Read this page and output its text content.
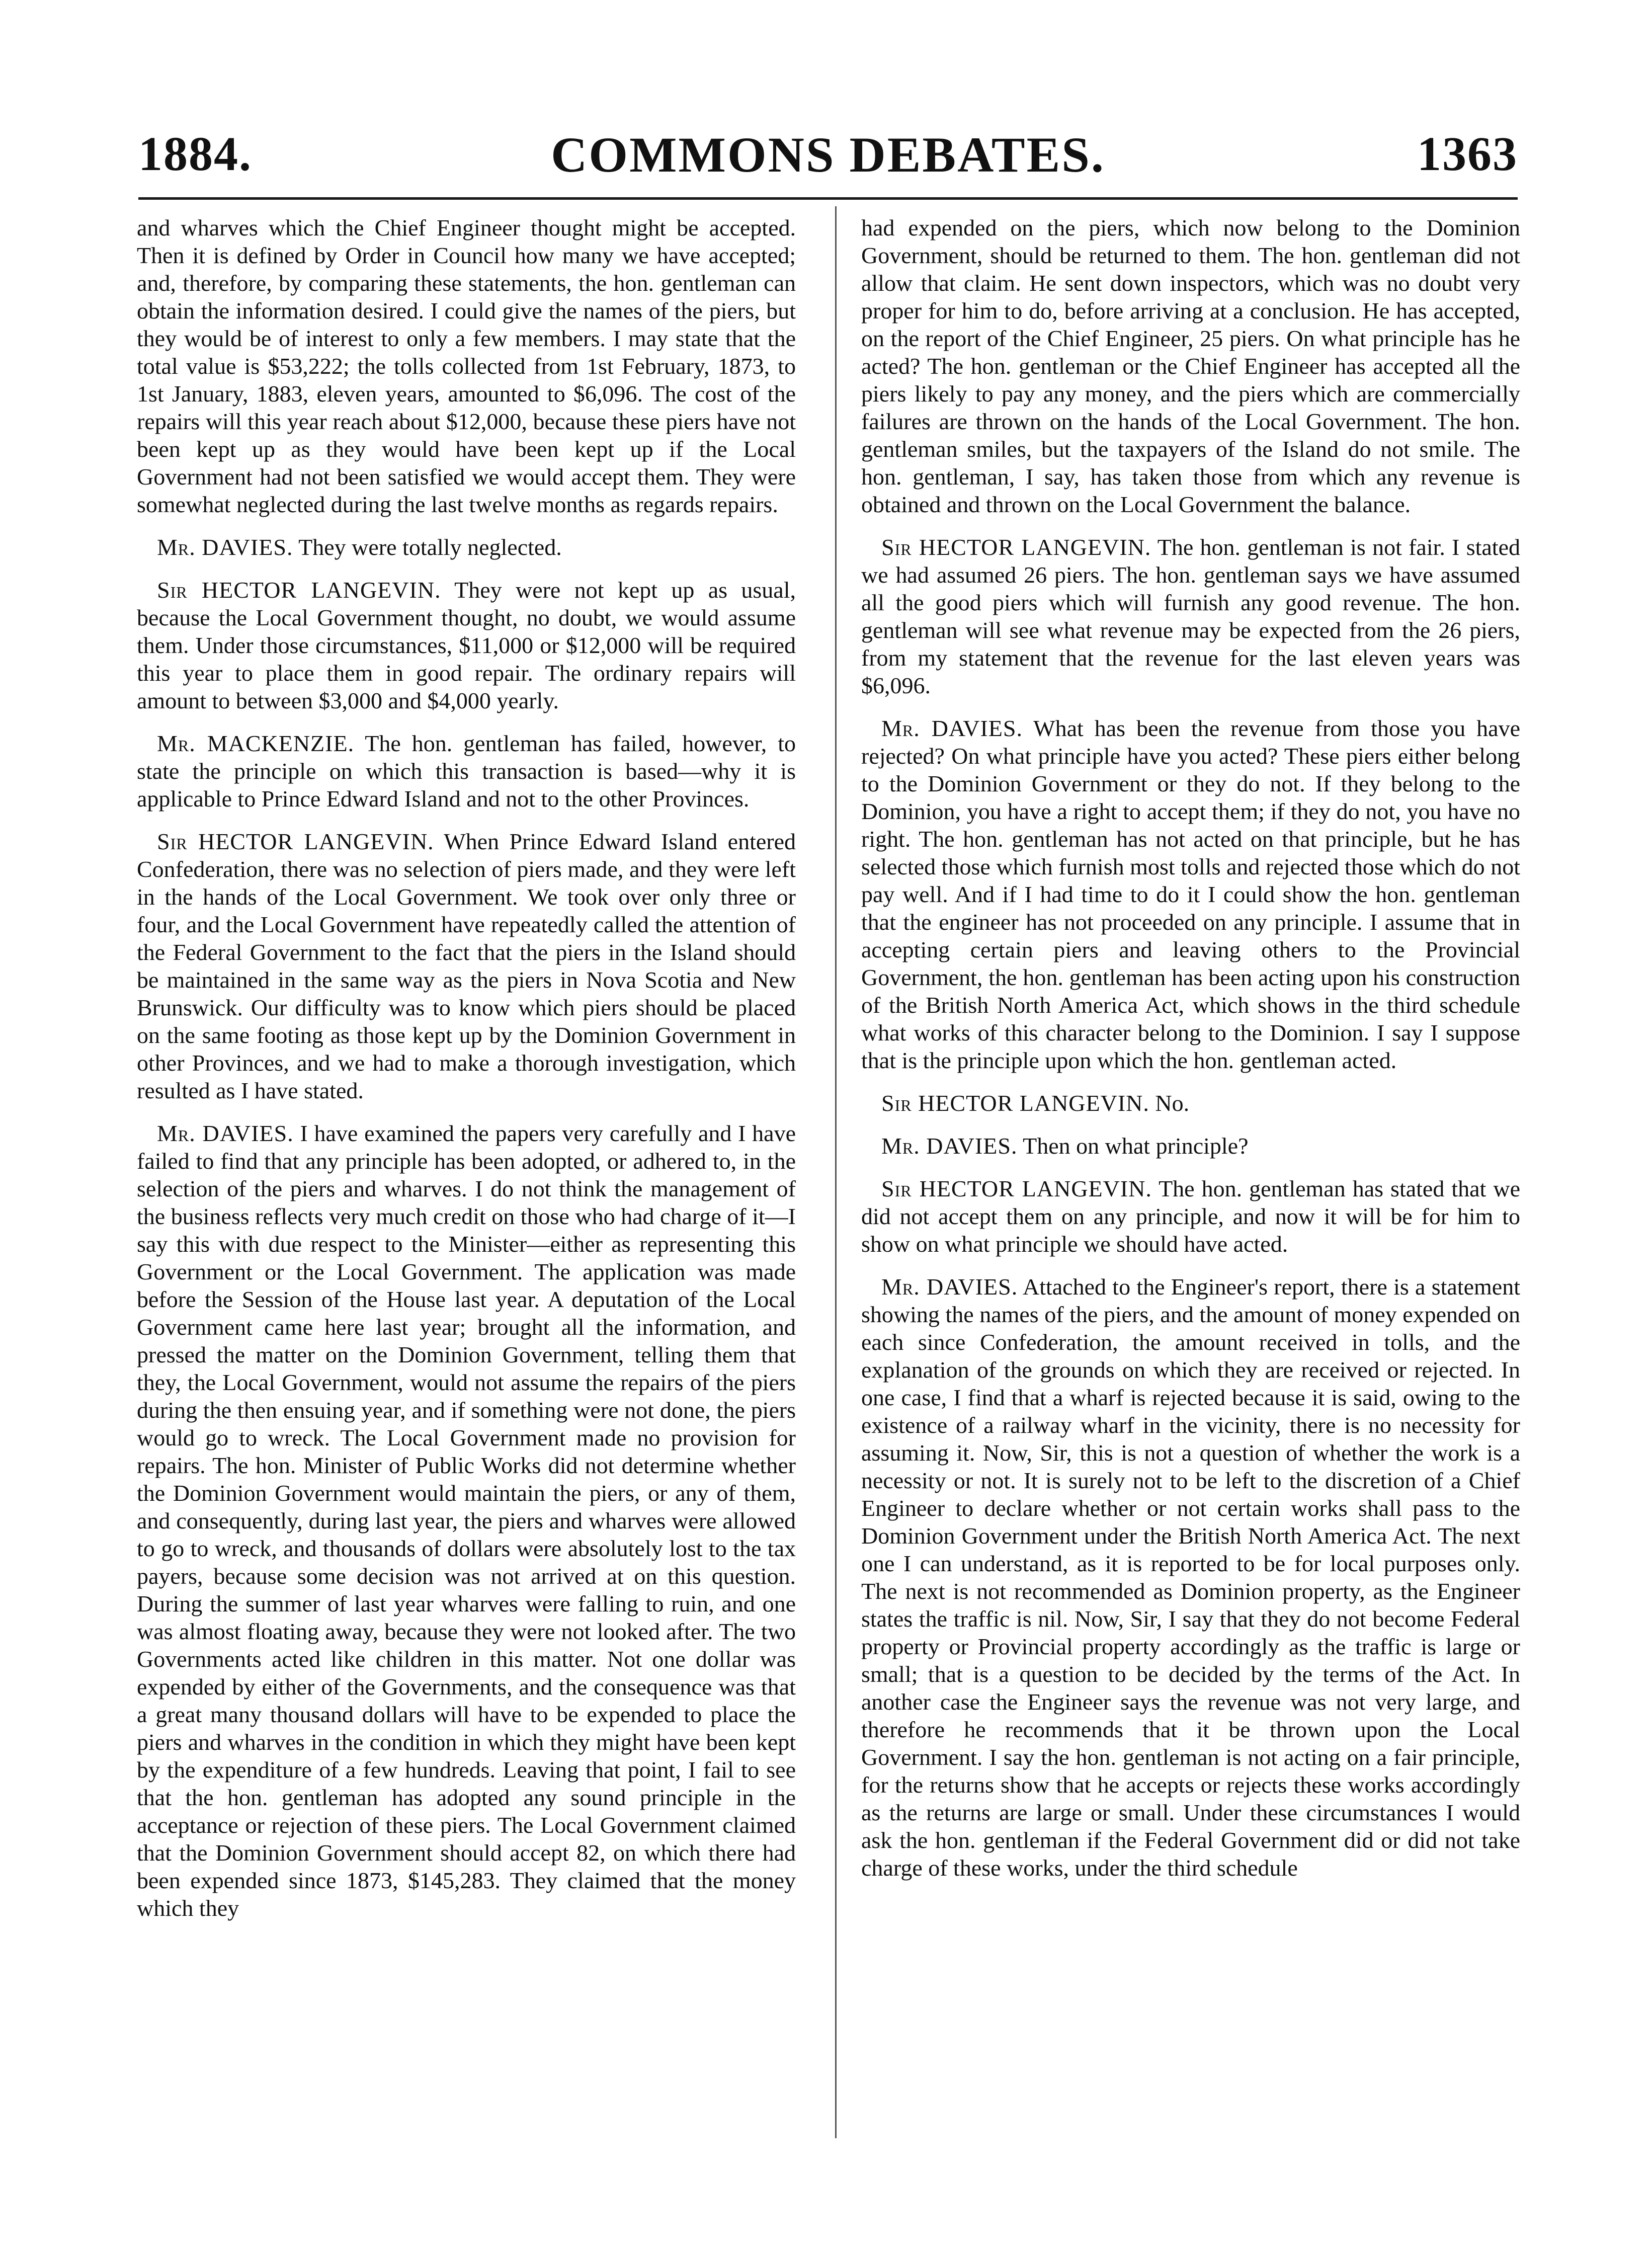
1884.	COMMONS DEBATES.	1363

and wharves which the Chief Engineer thought might be accepted. Then it is defined by Order in Council how many we have accepted; and, therefore, by comparing these statements, the hon. gentleman can obtain the information desired. I could give the names of the piers, but they would be of interest to only a few members. I may state that the total value is $53,222; the tolls collected from 1st February, 1873, to 1st January, 1883, eleven years, amounted to $6,096. The cost of the repairs will this year reach about $12,000, because these piers have not been kept up as they would have been kept up if the Local Government had not been satisfied we would accept them. They were somewhat neglected during the last twelve months as regards repairs.

Mr. DAVIES. They were totally neglected.

Sir HECTOR LANGEVIN. They were not kept up as usual, because the Local Government thought, no doubt, we would assume them. Under those circumstances, $11,000 or $12,000 will be required this year to place them in good repair. The ordinary repairs will amount to between $3,000 and $4,000 yearly.

Mr. MACKENZIE. The hon. gentleman has failed, however, to state the principle on which this transaction is based—why it is applicable to Prince Edward Island and not to the other Provinces.

Sir HECTOR LANGEVIN. When Prince Edward Island entered Confederation, there was no selection of piers made, and they were left in the hands of the Local Government. We took over only three or four, and the Local Government have repeatedly called the attention of the Federal Government to the fact that the piers in the Island should be maintained in the same way as the piers in Nova Scotia and New Brunswick. Our difficulty was to know which piers should be placed on the same footing as those kept up by the Dominion Government in other Provinces, and we had to make a thorough investigation, which resulted as I have stated.

Mr. DAVIES. I have examined the papers very carefully and I have failed to find that any principle has been adopted, or adhered to, in the selection of the piers and wharves. I do not think the management of the business reflects very much credit on those who had charge of it—I say this with due respect to the Minister—either as representing this Government or the Local Government. The application was made before the Session of the House last year. A deputation of the Local Government came here last year; brought all the information, and pressed the matter on the Dominion Government, telling them that they, the Local Government, would not assume the repairs of the piers during the then ensuing year, and if something were not done, the piers would go to wreck. The Local Government made no provision for repairs. The hon. Minister of Public Works did not determine whether the Dominion Government would maintain the piers, or any of them, and consequently, during last year, the piers and wharves were allowed to go to wreck, and thousands of dollars were absolutely lost to the tax payers, because some decision was not arrived at on this question. During the summer of last year wharves were falling to ruin, and one was almost floating away, because they were not looked after. The two Governments acted like children in this matter. Not one dollar was expended by either of the Governments, and the consequence was that a great many thousand dollars will have to be expended to place the piers and wharves in the condition in which they might have been kept by the expenditure of a few hundreds. Leaving that point, I fail to see that the hon. gentleman has adopted any sound principle in the acceptance or rejection of these piers. The Local Government claimed that the Dominion Government should accept 82, on which there had been expended since 1873, $145,283. They claimed that the money which they

had expended on the piers, which now belong to the Dominion Government, should be returned to them. The hon. gentleman did not allow that claim. He sent down inspectors, which was no doubt very proper for him to do, before arriving at a conclusion. He has accepted, on the report of the Chief Engineer, 25 piers. On what principle has he acted? The hon. gentleman or the Chief Engineer has accepted all the piers likely to pay any money, and the piers which are commercially failures are thrown on the hands of the Local Government. The hon. gentleman smiles, but the taxpayers of the Island do not smile. The hon. gentleman, I say, has taken those from which any revenue is obtained and thrown on the Local Government the balance.

Sir HECTOR LANGEVIN. The hon. gentleman is not fair. I stated we had assumed 26 piers. The hon. gentleman says we have assumed all the good piers which will furnish any good revenue. The hon. gentleman will see what revenue may be expected from the 26 piers, from my statement that the revenue for the last eleven years was $6,096.

Mr. DAVIES. What has been the revenue from those you have rejected? On what principle have you acted? These piers either belong to the Dominion Government or they do not. If they belong to the Dominion, you have a right to accept them; if they do not, you have no right. The hon. gentleman has not acted on that principle, but he has selected those which furnish most tolls and rejected those which do not pay well. And if I had time to do it I could show the hon. gentleman that the engineer has not proceeded on any principle. I assume that in accepting certain piers and leaving others to the Provincial Government, the hon. gentleman has been acting upon his construction of the British North America Act, which shows in the third schedule what works of this character belong to the Dominion. I say I suppose that is the principle upon which the hon. gentleman acted.

Sir HECTOR LANGEVIN. No.

Mr. DAVIES. Then on what principle?

Sir HECTOR LANGEVIN. The hon. gentleman has stated that we did not accept them on any principle, and now it will be for him to show on what principle we should have acted.

Mr. DAVIES. Attached to the Engineer's report, there is a statement showing the names of the piers, and the amount of money expended on each since Confederation, the amount received in tolls, and the explanation of the grounds on which they are received or rejected. In one case, I find that a wharf is rejected because it is said, owing to the existence of a railway wharf in the vicinity, there is no necessity for assuming it. Now, Sir, this is not a question of whether the work is a necessity or not. It is surely not to be left to the discretion of a Chief Engineer to declare whether or not certain works shall pass to the Dominion Government under the British North America Act. The next one I can understand, as it is reported to be for local purposes only. The next is not recommended as Dominion property, as the Engineer states the traffic is nil. Now, Sir, I say that they do not become Federal property or Provincial property accordingly as the traffic is large or small; that is a question to be decided by the terms of the Act. In another case the Engineer says the revenue was not very large, and therefore he recommends that it be thrown upon the Local Government. I say the hon. gentleman is not acting on a fair principle, for the returns show that he accepts or rejects these works accordingly as the returns are large or small. Under these circumstances I would ask the hon. gentleman if the Federal Government did or did not take charge of these works, under the third schedule
